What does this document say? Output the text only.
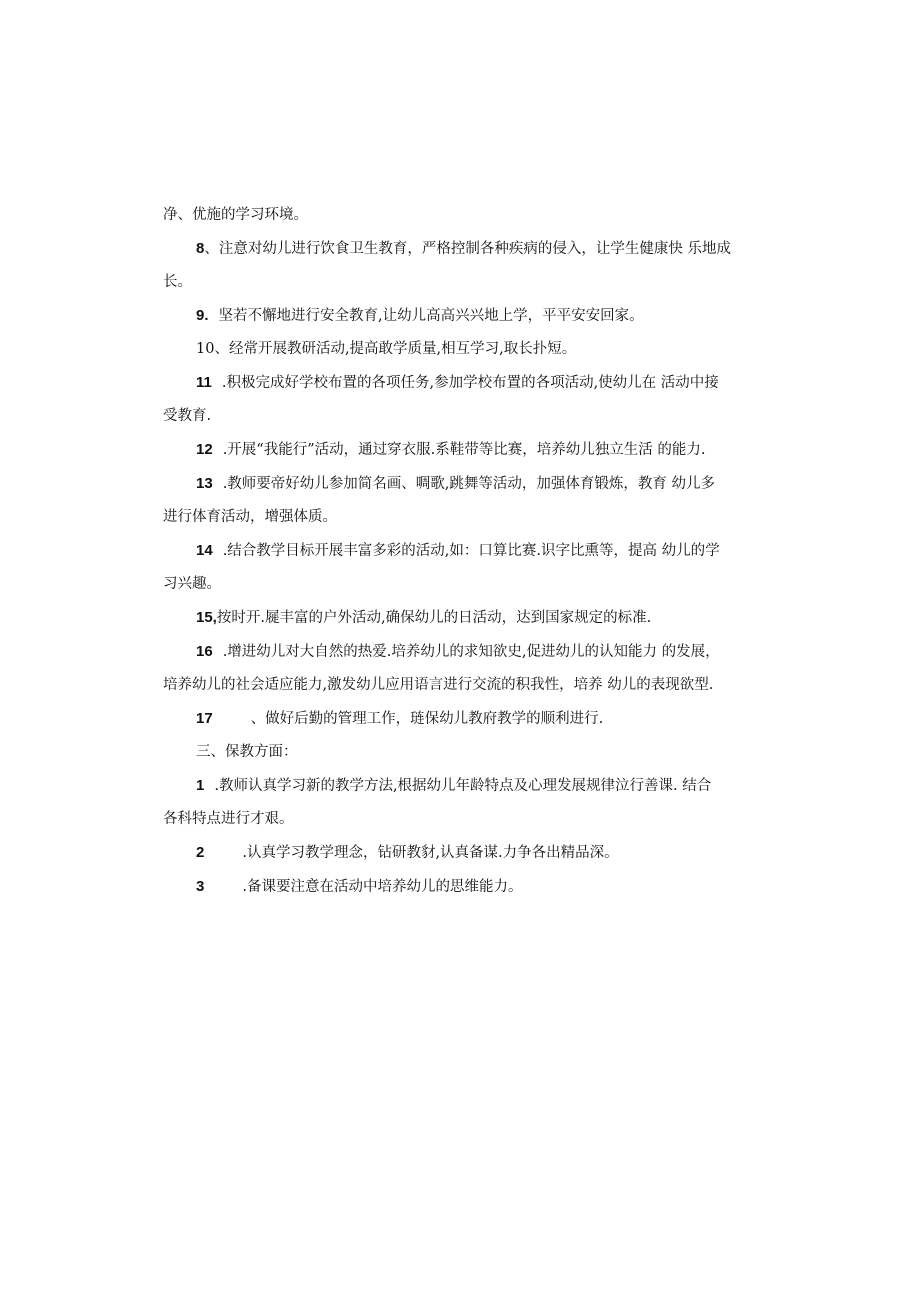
净、优施的学习环境。

8、注意对幼儿进行饮食卫生教育，严格控制各种疾病的侵入，让学生健康快 乐地成

长。

9. 坚若不懈地进行安全教育,让幼儿高高兴兴地上学，平平安安回家。

10、经常开展教研活动,提高敢学质量,相互学习,取长扑短。

11 .积极完成好学校布置的各项任务,参加学校布置的各项活动,使幼儿在 活动中接

受教育.

12 .开展“我能行”活动，通过穿衣服.系鞋带等比赛，培养幼儿独立生活 的能力.

13 .教师要帝好幼儿参加简名画、啁歌,跳舞等活动，加强体育锻炼，教育 幼儿多

进行体育活动，增强体质。

14 .结合教学目标开展丰富多彩的活动,如：口算比赛.识字比熏等，提高 幼儿的学

习兴趣。

15,按时开.屣丰富的户外活动,确保幼儿的日活动，达到国家规定的标准.

16 .增进幼儿对大自然的热爱.培养幼儿的求知欲史,促进幼儿的认知能力 的发展，

培养幼儿的社会适应能力,激发幼儿应用语言进行交流的积我性，培养 幼儿的表现欲型.

17	、做好后勤的管理工作，琏保幼儿教府教学的顺利进行.

三、保教方面：

1 .教师认真学习新的教学方法,根据幼儿年龄特点及心理发展规律泣行善课. 结合

各科特点进行才艰。

2	.认真学习教学理念，钻研教豺,认真备谋.力争各出精品深。

3	.备课要注意在活动中培养幼儿的思维能力。
